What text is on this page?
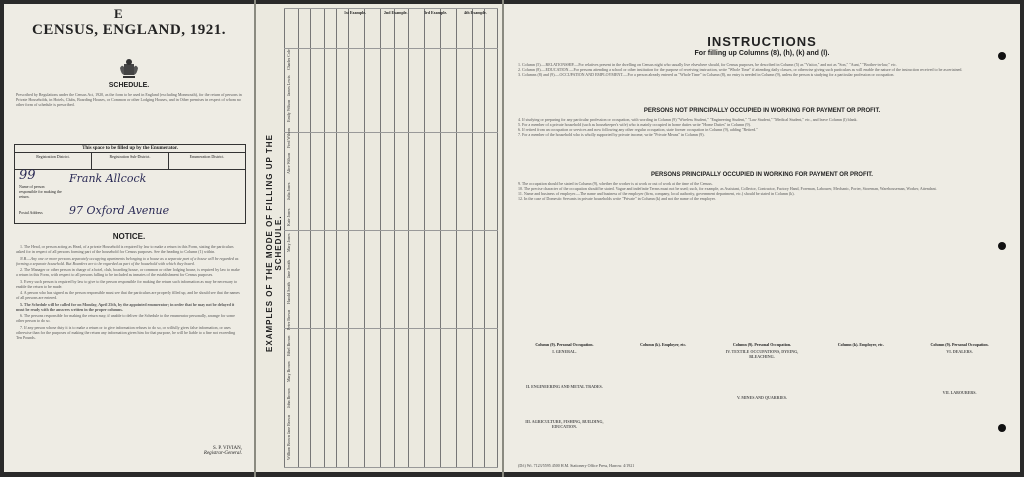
E
CENSUS, ENGLAND, 1921.
SCHEDULE.
Prescribed by Regulations under the Census Act, 1920, as the form to be used in England (excluding Monmouth), for the return of persons in Private Households, in Hotels, Clubs, Boarding Houses, or Common or other Lodging Houses, and in Other premises in respect of whom no other form of schedule is prescribed.
This space to be filled up by the Enumerator.
Registration District.	Registration Sub-District.	Enumeration District.
99
Name of person responsible for making the return.
Frank Allcock
Postal Address 97 Oxford Avenue
NOTICE.

1. The Head, or person acting as Head, of a private Household is required by law to make a return in this Form, stating the particulars asked for in respect of all persons forming part of the household for Census purposes. See the heading to Column (1) within.

N.B.—Any one or more persons separately occupying apartments belonging to a house as a separate part of a house will be regarded as forming a separate household. But Boarders are to be regarded as part of the household with which they board.

2. The Manager or other person in charge of a hotel, club, boarding house, or common or other lodging house, is required by law to make a return in this Form, with respect to all persons falling to be included as inmates of the establishment for Census purposes.

3. Every such person is required by law to give to the person responsible for making the return such information as may be necessary to enable the return to be made.

4. A person who has signed as the person responsible must see that the particulars are properly filled up, and he should see that the names of all persons are entered.

5. The Schedule will be called for on Monday, April 25th, by the appointed enumerator; in order that he may not be delayed it must be ready with the answers written in the proper columns.

6. The persons responsible for making the return may, if unable to deliver the Schedule to the enumerator personally, arrange for some other person to do so.

7. If any person whose duty it is to make a return or to give information refuses to do so, or wilfully gives false information, or uses otherwise than for the purposes of making the return any information given him for that purpose, he will be liable to a fine not exceeding Ten Pounds.

S. P. VIVIAN,
Registrar-General.
EXAMPLES OF THE MODE OF FILLING UP THE SCHEDULE.
1st Example.	2nd Example.	3rd Example.	4th Example.
William Brown
Jane Brown
John Brown
Mary Brown
Ethel Brown
Peter Brown
Harold Smith
Jane Smith
Mary Jones
Kate Jones
Julia Jones
Alice Wilson
Fred Wilson
Emily Wilson
James Lewis
Charles Cole
INSTRUCTIONS
For filling up Columns (8), (h), (k) and (l).
1. Column (5).—RELATIONSHIP.—For relatives present in the dwelling on Census night who usually live elsewhere should, for Census purposes, be described in Column (5) as "Visitor," and not as "Son," "Aunt," "Brother-in-law," etc.
2. Column (8).—EDUCATION.—For persons attending a school or other institution for the purpose of receiving instruction, write "Whole Time" if attending daily classes, or otherwise giving such particulars as will enable the nature of the instruction received to be ascertained.
3. Columns (8) and (9).—OCCUPATION AND EMPLOYMENT.—For a person already entered as "Whole Time" in Column (8), no entry is needed in Column (9), unless the person is studying for a particular profession or occupation.
PERSONS NOT PRINCIPALLY OCCUPIED IN WORKING FOR PAYMENT OR PROFIT.
4. If studying or preparing for any particular profession or occupation, with wording in Column (9) "Wireless Student," "Engineering Student," "Law Student," "Medical Student," etc., and leave Column (l) blank.
5. For a member of a private household (such as housekeeper's wife) who is mainly occupied in home duties write "Home Duties" in Column (9).
6. If retired from an occupation or services and now following any other regular occupation, state former occupation in Column (9), adding "Retired."
7. For a member of the household who is wholly supported by private income, write "Private Means" in Column (9).
PERSONS PRINCIPALLY OCCUPIED IN WORKING FOR PAYMENT OR PROFIT.
9. The occupation should be stated in Column (9), whether the worker is at work or out of work at the time of the Census.
10. The precise character of the occupation should be stated. Vague and indefinite Terms must not be used; such, for example, as Assistant, Collector, Contractor, Factory Hand, Foreman, Labourer, Mechanic, Porter, Storeman, Warehouseman, Worker, Attendant.
11. Name and business of employer.—The name and business of the employer (firm, company, local authority, government department, etc.) should be stated in Column (k).
12. In the case of Domestic Servants in private households write "Private" in Column (k) and not the name of the employer.
Column (9). Personal Occupation.
I. GENERAL.
II. ENGINEERING AND METAL TRADES.
III. AGRICULTURE, FISHING, BUILDING, EDUCATION.
Column (k). Employer, etc.	Column (9). Personal Occupation.
IV. TEXTILE OCCUPATIONS, DYEING, BLEACHING.
V. MINES AND QUARRIES.
Column (k). Employer, etc.	Column (9). Personal Occupation.
VI. DEALERS.
VII. LABOURERS.
(D/t) Wt. 7123/5595 4500 H.M. Stationery Office Press, Harrow. 4/1921
